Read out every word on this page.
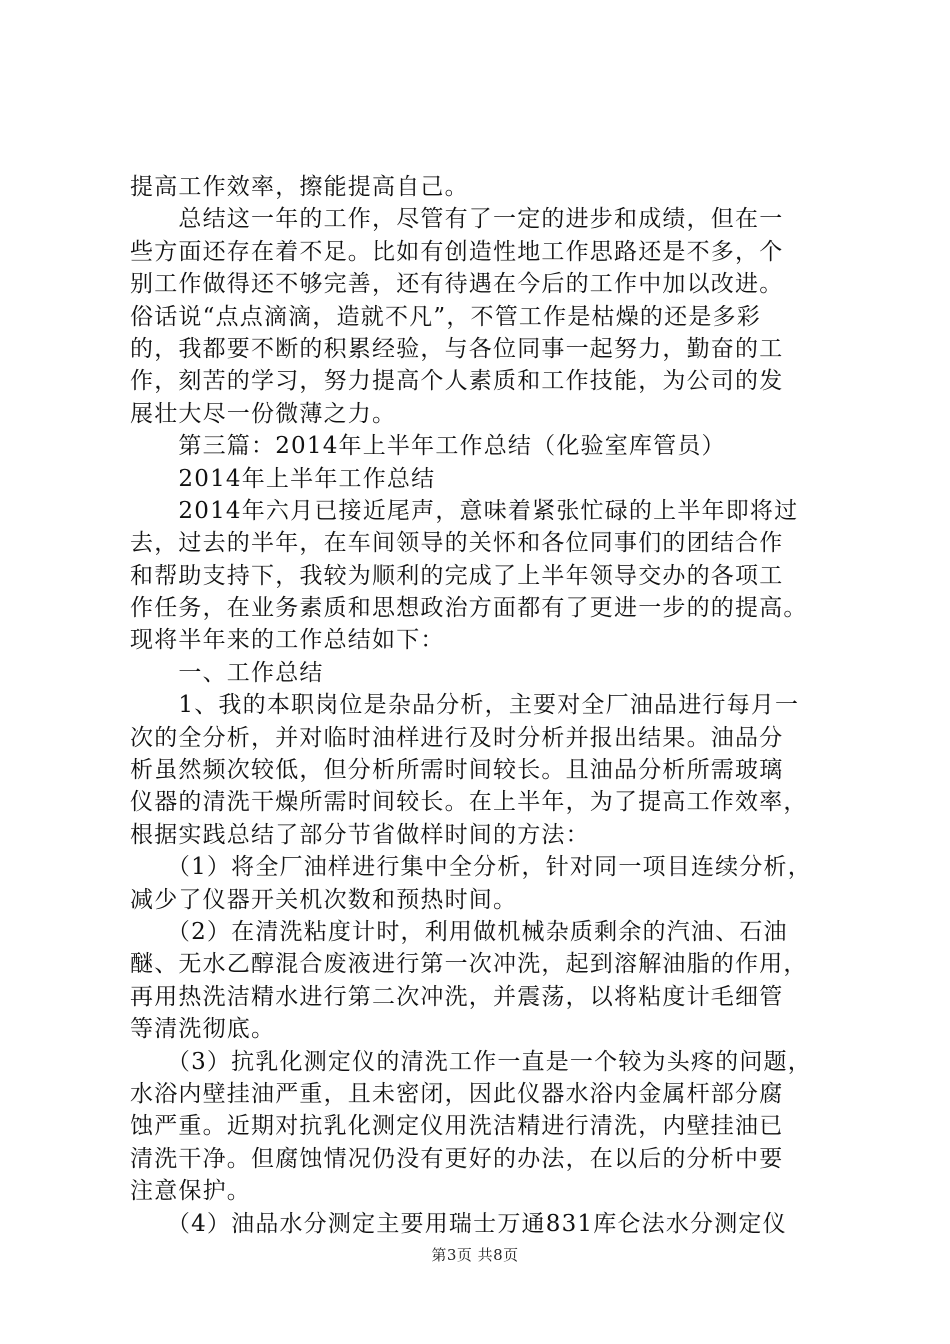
提高工作效率，擦能提高自己。
　　总结这一年的工作，尽管有了一定的进步和成绩，但在一
些方面还存在着不足。比如有创造性地工作思路还是不多，个
别工作做得还不够完善，还有待遇在今后的工作中加以改进。
俗话说“点点滴滴，造就不凡”，不管工作是枯燥的还是多彩
的，我都要不断的积累经验，与各位同事一起努力，勤奋的工
作，刻苦的学习，努力提高个人素质和工作技能，为公司的发
展壮大尽一份微薄之力。
　　第三篇：2014年上半年工作总结（化验室库管员）
　　2014年上半年工作总结
　　2014年六月已接近尾声，意味着紧张忙碌的上半年即将过
去，过去的半年，在车间领导的关怀和各位同事们的团结合作
和帮助支持下，我较为顺利的完成了上半年领导交办的各项工
作任务，在业务素质和思想政治方面都有了更进一步的的提高。
现将半年来的工作总结如下：
　　一、工作总结
　　1、我的本职岗位是杂品分析，主要对全厂油品进行每月一
次的全分析，并对临时油样进行及时分析并报出结果。油品分
析虽然频次较低，但分析所需时间较长。且油品分析所需玻璃
仪器的清洗干燥所需时间较长。在上半年，为了提高工作效率，
根据实践总结了部分节省做样时间的方法：
　　（1）将全厂油样进行集中全分析，针对同一项目连续分析，
减少了仪器开关机次数和预热时间。
　　（2）在清洗粘度计时，利用做机械杂质剩余的汽油、石油
醚、无水乙醇混合废液进行第一次冲洗，起到溶解油脂的作用，
再用热洗洁精水进行第二次冲洗，并震荡，以将粘度计毛细管
等清洗彻底。
　　（3）抗乳化测定仪的清洗工作一直是一个较为头疼的问题，
水浴内壁挂油严重，且未密闭，因此仪器水浴内金属杆部分腐
蚀严重。近期对抗乳化测定仪用洗洁精进行清洗，内壁挂油已
清洗干净。但腐蚀情况仍没有更好的办法，在以后的分析中要
注意保护。
　　（4）油品水分测定主要用瑞士万通831库仑法水分测定仪
第3页 共8页
